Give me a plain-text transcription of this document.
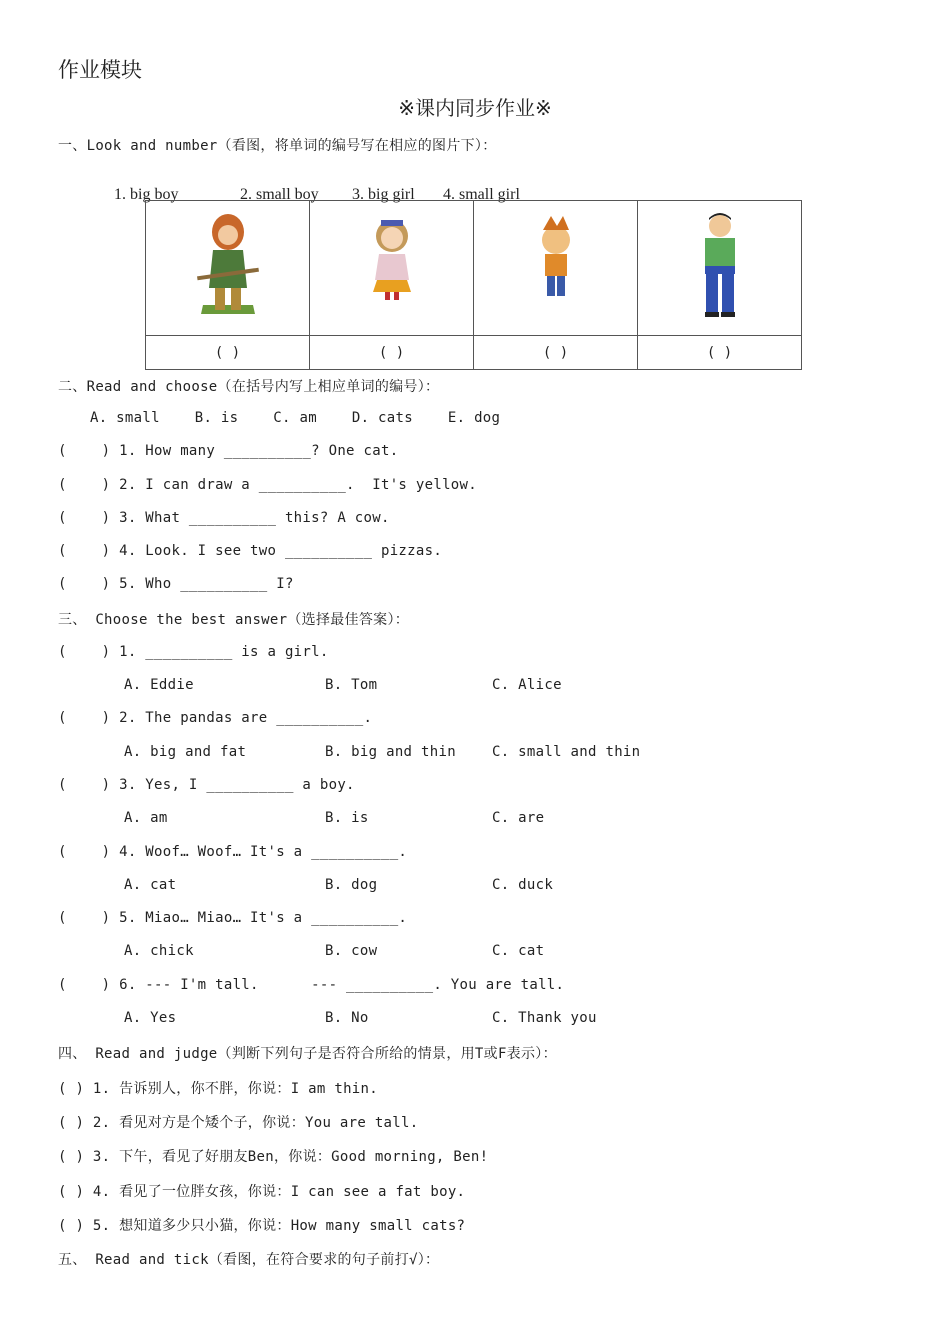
作业模块
※课内同步作业※
一、Look and number（看图，将单词的编号写在相应的图片下）：

1. big boy	2. small boy 3. big girl 4. small girl

( )	( )	( )	( )
二、Read and choose（在括号内写上相应单词的编号）：
A. small    B. is    C. am    D. cats    E. dog
(    ) 1. How many __________? One cat.
(    ) 2. I can draw a __________.  It's yellow.
(    ) 3. What __________ this? A cow.
(    ) 4. Look. I see two __________ pizzas.
(    ) 5. Who __________ I?
三、 Choose the best answer（选择最佳答案）：
(    ) 1. __________ is a girl.
A. Eddie	B. Tom	C. Alice
(    ) 2. The pandas are __________.
A. big and fat	B. big and thin	C. small and thin
(    ) 3. Yes, I __________ a boy.
A. am	B. is	C. are
(    ) 4. Woof… Woof… It's a __________.
A. cat	B. dog	C. duck
(    ) 5. Miao… Miao… It's a __________.
A. chick	B. cow	C. cat
(    ) 6. --- I'm tall.      --- __________. You are tall.
A. Yes	B. No	C. Thank you
四、 Read and judge（判断下列句子是否符合所给的情景，用T或F表示）：
( ) 1. 告诉别人，你不胖，你说：I am thin.
( ) 2. 看见对方是个矮个子，你说：You are tall.
( ) 3. 下午，看见了好朋友Ben，你说：Good morning, Ben!
( ) 4. 看见了一位胖女孩，你说：I can see a fat boy.
( ) 5. 想知道多少只小猫，你说：How many small cats?
五、 Read and tick（看图，在符合要求的句子前打√）：
